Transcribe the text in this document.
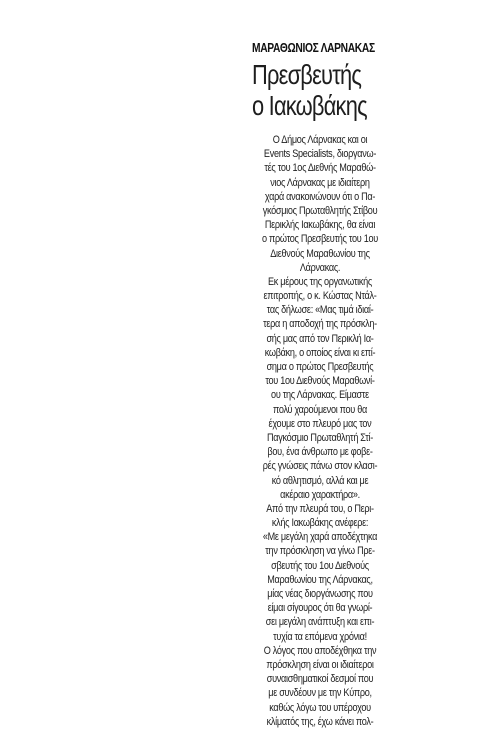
ΜΑΡΑΘΩΝΙΟΣ ΛΑΡΝΑΚΑΣ
Πρεσβευτής
ο Ιακωβάκης
Ο Δήμος Λάρνακας και οι
Events Specialists, διοργανω-
τές του 1ος Διεθνής Μαραθώ-
νιος Λάρνακας με ιδιαίτερη
χαρά ανακοινώνουν ότι ο Πα-
γκόσμιος Πρωταθλητής Στίβου
Περικλής Ιακωβάκης, θα είναι
ο πρώτος Πρεσβευτής του 1ου
Διεθνούς Μαραθωνίου της
Λάρνακας.
Εκ μέρους της οργανωτικής
επιτροπής, ο κ. Κώστας Ντάλ-
τας δήλωσε: «Μας τιμά ιδιαί-
τερα η αποδοχή της πρόσκλη-
σής μας από τον Περικλή Ια-
κωβάκη, ο οποίος είναι κι επί-
σημα ο πρώτος Πρεσβευτής
του 1ου Διεθνούς Μαραθωνί-
ου της Λάρνακας. Είμαστε
πολύ χαρούμενοι που θα
έχουμε στο πλευρό μας τον
Παγκόσμιο Πρωταθλητή Στί-
βου, ένα άνθρωπο με φοβε-
ρές γνώσεις πάνω στον κλασι-
κό αθλητισμό, αλλά και με
ακέραιο χαρακτήρα».
Από την πλευρά του, ο Περι-
κλής Ιακωβάκης ανέφερε:
«Με μεγάλη χαρά αποδέχτηκα
την πρόσκληση να γίνω Πρε-
σβευτής του 1ου Διεθνούς
Μαραθωνίου της Λάρνακας,
μίας νέας διοργάνωσης που
είμαι σίγουρος ότι θα γνωρί-
σει μεγάλη ανάπτυξη και επι-
τυχία τα επόμενα χρόνια!
Ο λόγος που αποδέχθηκα την
πρόσκληση είναι οι ιδιαίτεροι
συναισθηματικοί δεσμοί που
με συνδέουν με την Κύπρο,
καθώς λόγω του υπέροχου
κλίματός της, έχω κάνει πολ-
